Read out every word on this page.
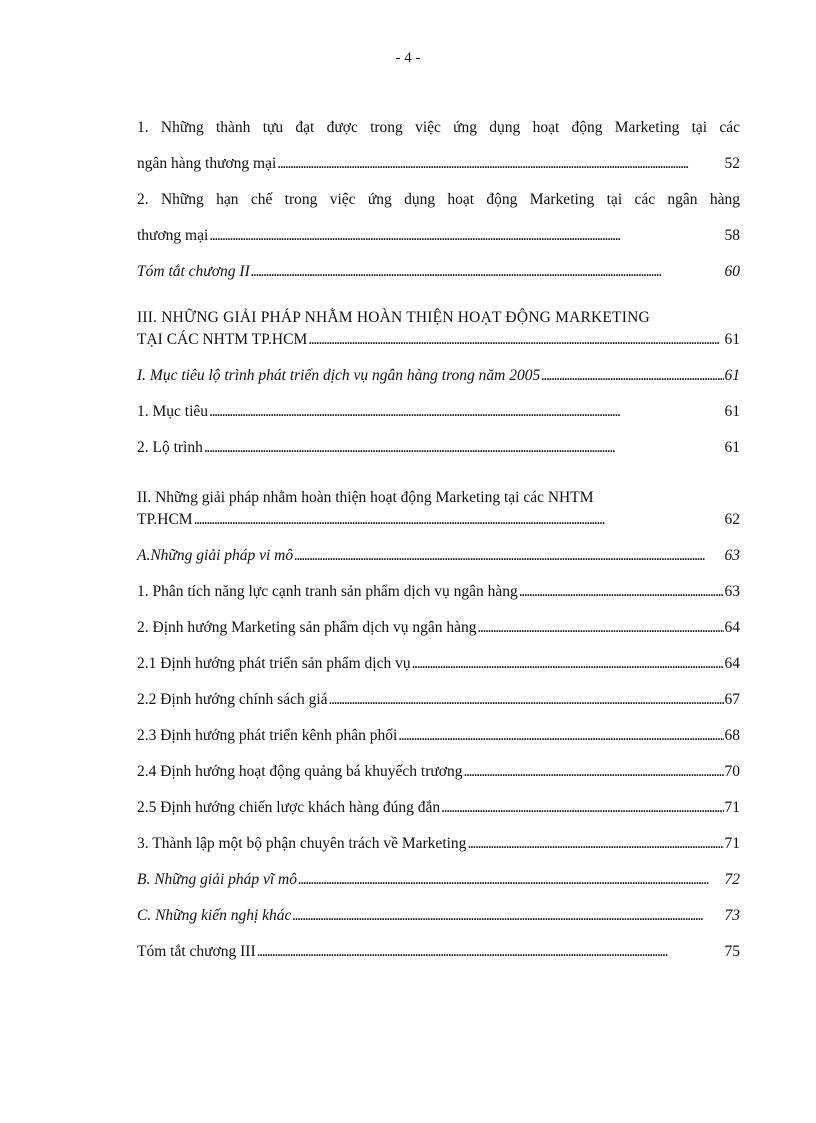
- 4 -
1. Những thành tựu đạt được trong việc ứng dụng hoạt động Marketing tại các
ngân hàng thương mại . . .	52
2. Những hạn chế trong việc ứng dụng hoạt động Marketing tại các ngân hàng
thương mại . . .	58
Tóm tắt chương II . . .	60
III. NHỮNG GIẢI PHÁP NHẰM HOÀN THIỆN HOẠT ĐỘNG MARKETING
TẠI CÁC NHTM TP.HCM . . .	61
I. Mục tiêu lộ trình phát triển dịch vụ ngân hàng trong năm 2005 . . .	61
1. Mục tiêu . . .	61
2. Lộ trình . . .	61
II. Những giải pháp nhằm hoàn thiện hoạt động Marketing tại các NHTM
TP.HCM . . .	62
A.Những giải pháp vi mô . . .	63
1. Phân tích năng lực cạnh tranh sản phẩm dịch vụ ngân hàng . . .	63
2. Định hướng Marketing sản phẩm dịch vụ ngân hàng . . .	64
2.1 Định hướng phát triển sản phẩm dịch vụ . . .	64
2.2 Định hướng chính sách giá . . .	67
2.3 Định hướng phát triển kênh phân phối . . .	68
2.4 Định hướng hoạt động quảng bá khuyếch trương . . .	70
2.5 Định hướng chiến lược khách hàng đúng đắn . . .	71
3. Thành lập một bộ phận chuyên trách về Marketing . . .	71
B. Những giải pháp vĩ mô . . .	72
C. Những kiến nghị khác . . .	73
Tóm tắt chương III . . .	75
